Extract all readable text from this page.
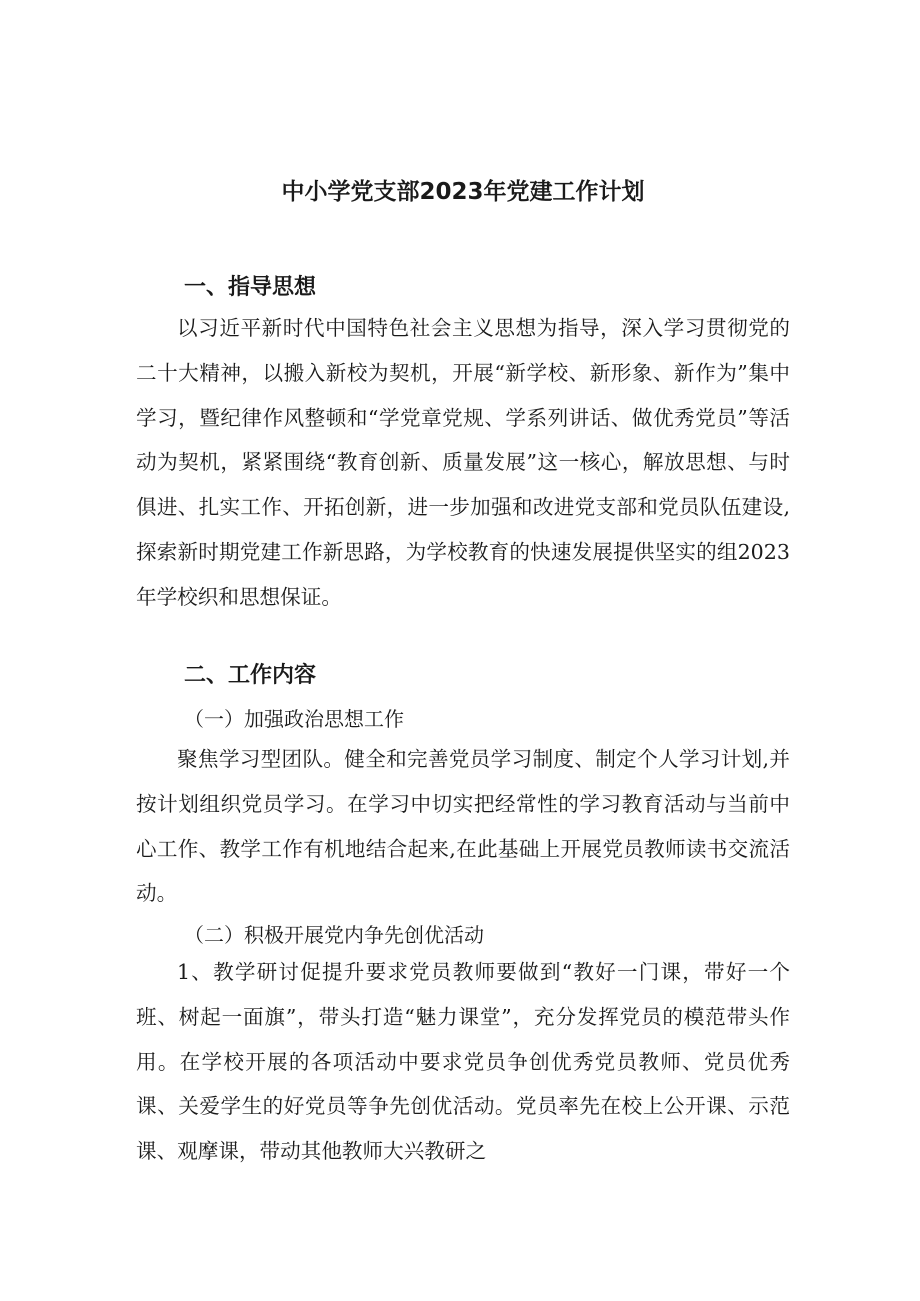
中小学党支部2023年党建工作计划
一、指导思想

以习近平新时代中国特色社会主义思想为指导，深入学习贯彻党的二十大精神，以搬入新校为契机，开展“新学校、新形象、新作为”集中学习，暨纪律作风整顿和“学党章党规、学系列讲话、做优秀党员”等活动为契机，紧紧围绕“教育创新、质量发展”这一核心，解放思想、与时俱进、扎实工作、开拓创新，进一步加强和改进党支部和党员队伍建设,探索新时期党建工作新思路，为学校教育的快速发展提供坚实的组2023年学校织和思想保证。

二、工作内容
（一）加强政治思想工作

聚焦学习型团队。健全和完善党员学习制度、制定个人学习计划,并按计划组织党员学习。在学习中切实把经常性的学习教育活动与当前中心工作、教学工作有机地结合起来,在此基础上开展党员教师读书交流活动。

（二）积极开展党内争先创优活动

1、教学研讨促提升要求党员教师要做到“教好一门课，带好一个班、树起一面旗”，带头打造“魅力课堂”，充分发挥党员的模范带头作用。在学校开展的各项活动中要求党员争创优秀党员教师、党员优秀课、关爱学生的好党员等争先创优活动。党员率先在校上公开课、示范课、观摩课，带动其他教师大兴教研之
